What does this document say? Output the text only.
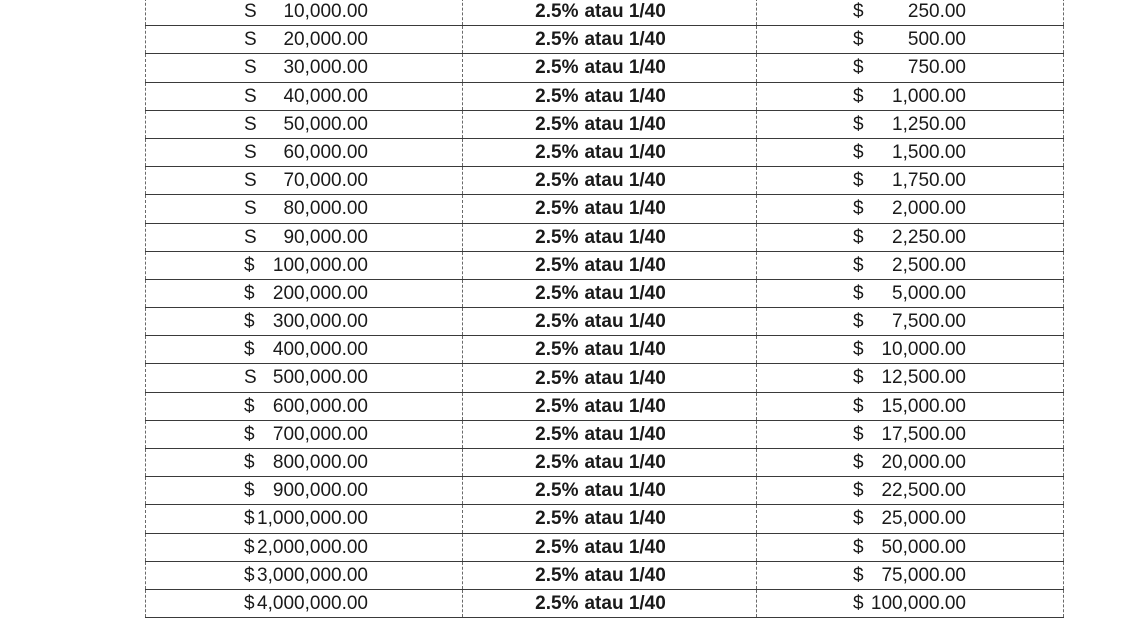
S 10,000.00	2.5% atau 1/40	$ 250.00

S 20,000.00	2.5% atau 1/40	$ 500.00

S 30,000.00	2.5% atau 1/40	$ 750.00

S 40,000.00	2.5% atau 1/40	$ 1,000.00

S 50,000.00	2.5% atau 1/40	$ 1,250.00

S 60,000.00	2.5% atau 1/40	$ 1,500.00

S 70,000.00	2.5% atau 1/40	$ 1,750.00

S 80,000.00	2.5% atau 1/40	$ 2,000.00

S 90,000.00	2.5% atau 1/40	$ 2,250.00

$ 100,000.00	2.5% atau 1/40	$ 2,500.00

$ 200,000.00	2.5% atau 1/40	$ 5,000.00

$ 300,000.00	2.5% atau 1/40	$ 7,500.00

$ 400,000.00	2.5% atau 1/40	$ 10,000.00

S 500,000.00	2.5% atau 1/40	$ 12,500.00

$ 600,000.00	2.5% atau 1/40	$ 15,000.00

$ 700,000.00	2.5% atau 1/40	$ 17,500.00

$ 800,000.00	2.5% atau 1/40	$ 20,000.00

$ 900,000.00	2.5% atau 1/40	$ 22,500.00

$ 1,000,000.00	2.5% atau 1/40	$ 25,000.00

$ 2,000,000.00	2.5% atau 1/40	$ 50,000.00

$ 3,000,000.00	2.5% atau 1/40	$ 75,000.00

$ 4,000,000.00	2.5% atau 1/40	$ 100,000.00
